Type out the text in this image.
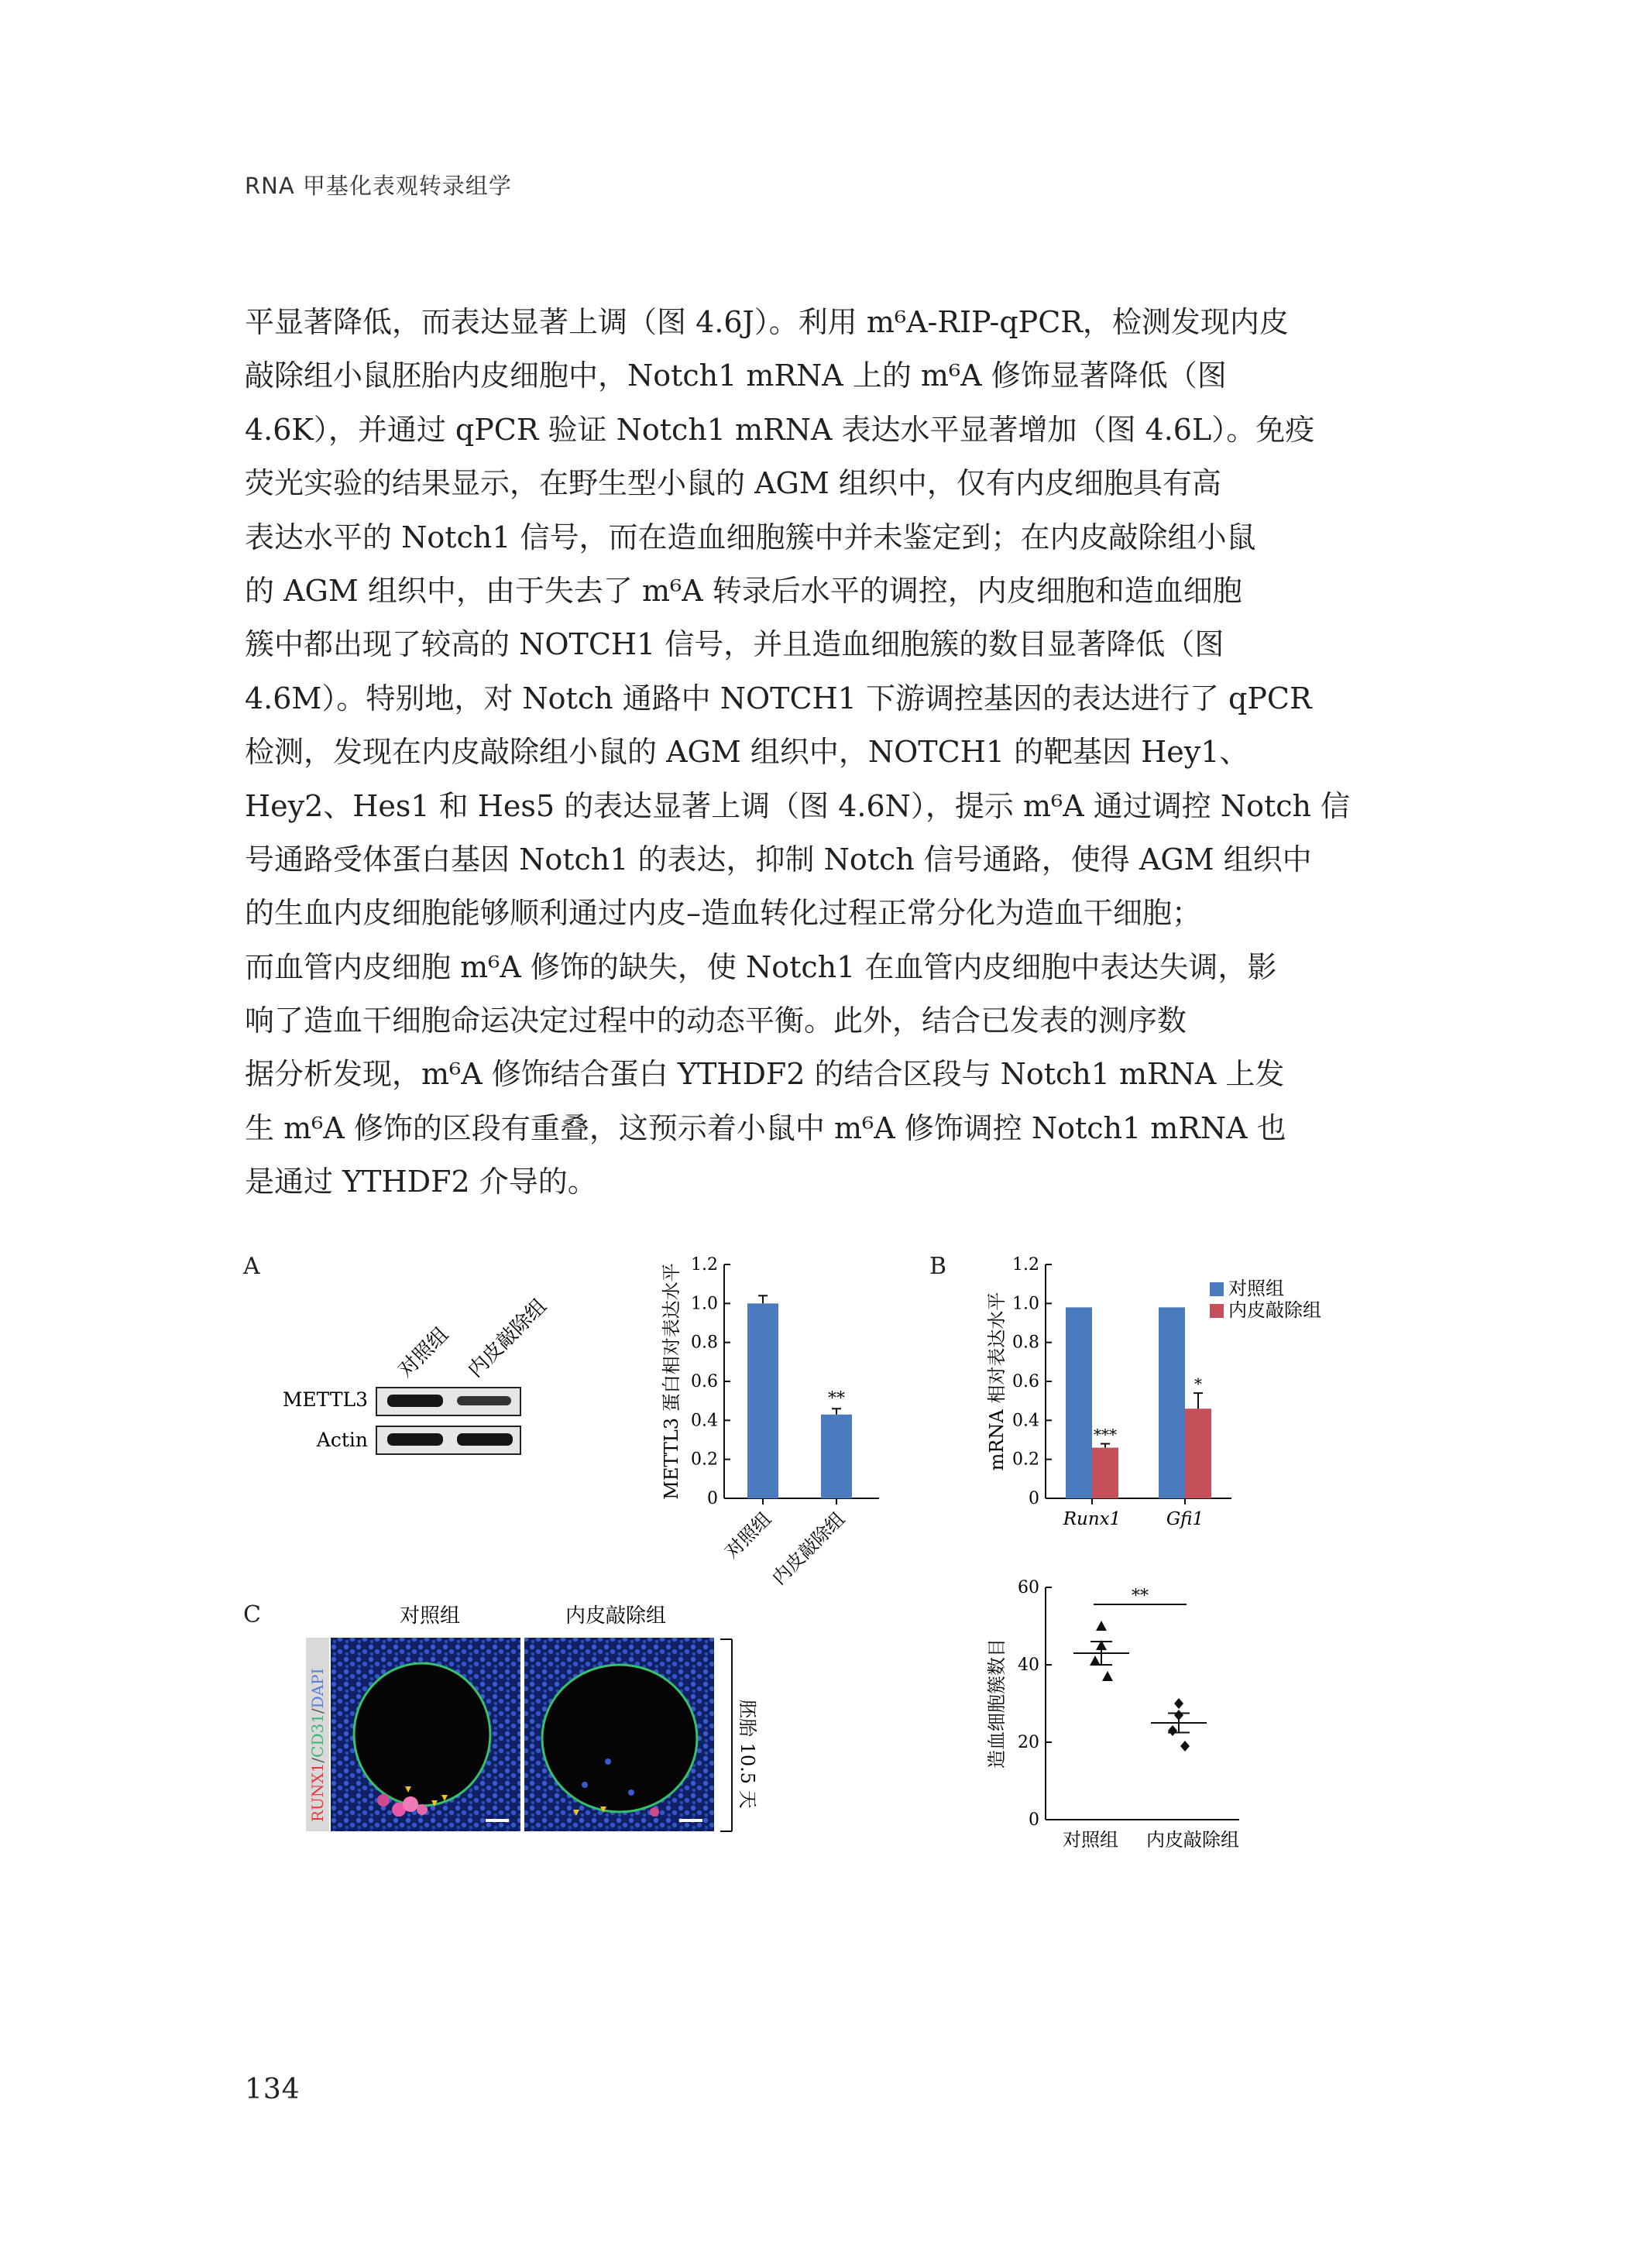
RNA 甲基化表观转录组学
平显著降低，而表达显著上调（图 4.6J）。利用 m⁶A-RIP-qPCR，检测发现内皮
敲除组小鼠胚胎内皮细胞中，Notch1 mRNA 上的 m⁶A 修饰显著降低（图
4.6K），并通过 qPCR 验证 Notch1 mRNA 表达水平显著增加（图 4.6L）。免疫
荧光实验的结果显示，在野生型小鼠的 AGM 组织中，仅有内皮细胞具有高
表达水平的 Notch1 信号，而在造血细胞簇中并未鉴定到；在内皮敲除组小鼠
的 AGM 组织中，由于失去了 m⁶A 转录后水平的调控，内皮细胞和造血细胞
簇中都出现了较高的 NOTCH1 信号，并且造血细胞簇的数目显著降低（图
4.6M）。特别地，对 Notch 通路中 NOTCH1 下游调控基因的表达进行了 qPCR
检测，发现在内皮敲除组小鼠的 AGM 组织中，NOTCH1 的靶基因 Hey1、
Hey2、Hes1 和 Hes5 的表达显著上调（图 4.6N），提示 m⁶A 通过调控 Notch 信
号通路受体蛋白基因 Notch1 的表达，抑制 Notch 信号通路，使得 AGM 组织中
的生血内皮细胞能够顺利通过内皮–造血转化过程正常分化为造血干细胞；
而血管内皮细胞 m⁶A 修饰的缺失，使 Notch1 在血管内皮细胞中表达失调，影
响了造血干细胞命运决定过程中的动态平衡。此外，结合已发表的测序数
据分析发现，m⁶A 修饰结合蛋白 YTHDF2 的结合区段与 Notch1 mRNA 上发
生 m⁶A 修饰的区段有重叠，这预示着小鼠中 m⁶A 修饰调控 Notch1 mRNA 也
是通过 YTHDF2 介导的。
A	B
C
对照组 内皮敲除组
METTL3
Actin
0
0.2
0.4
0.6
0.8
1.0
1.2
METTL3 蛋白相对表达水平
对照组
**
内皮敲除组
0
0.2
0.4
0.6
0.8
1.0
1.2
mRNA 相对表达水平
Runx1	Gfi1
***
*
对照组
内皮敲除组
对照组	内皮敲除组
RUNX1/CD31/DAPI
胚胎 10.5 天
0
20
40
60
造血细胞簇数目
对照组 内皮敲除组
**
134
